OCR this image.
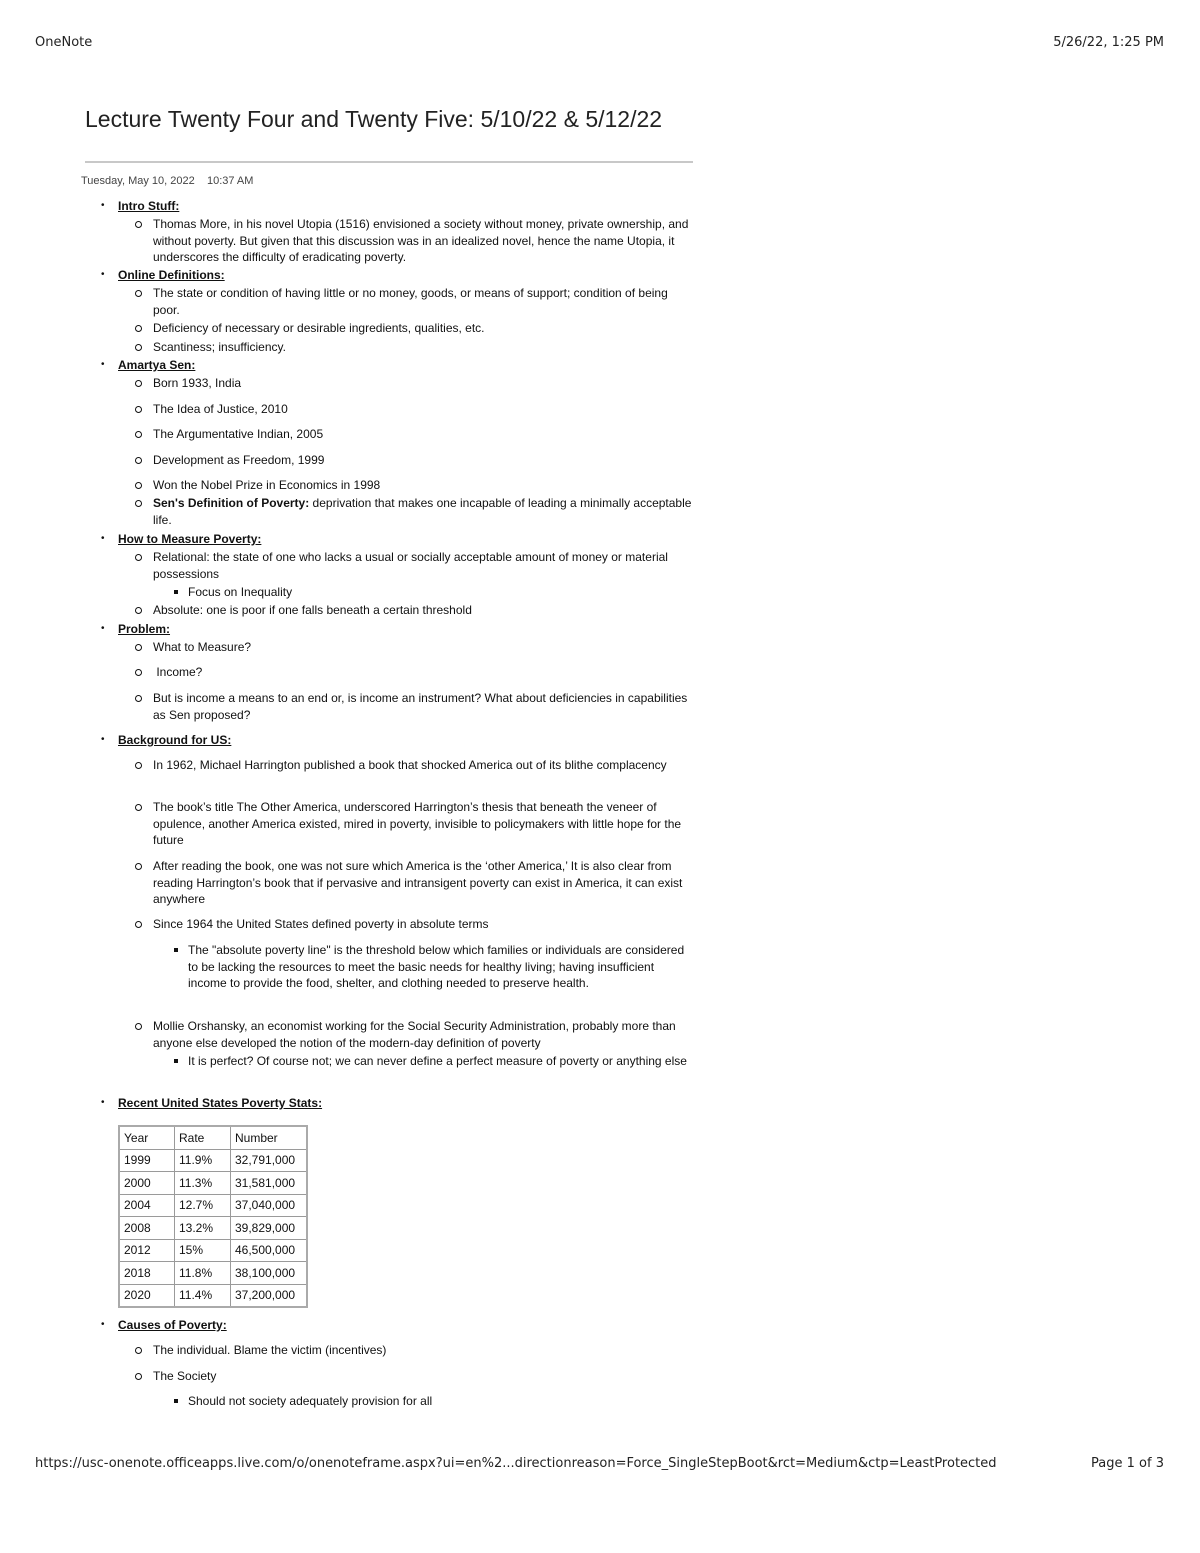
OneNote	5/26/22, 1:25 PM
Lecture Twenty Four and Twenty Five: 5/10/22 & 5/12/22
Tuesday, May 10, 2022    10:37 AM
• Intro Stuff:
Thomas More, in his novel Utopia (1516) envisioned a society without money, private ownership, and without poverty. But given that this discussion was in an idealized novel, hence the name Utopia, it underscores the difficulty of eradicating poverty.
• Online Definitions:
The state or condition of having little or no money, goods, or means of support; condition of being poor.
Deficiency of necessary or desirable ingredients, qualities, etc.
Scantiness; insufficiency.
• Amartya Sen:
Born 1933, India
The Idea of Justice, 2010
The Argumentative Indian, 2005
Development as Freedom, 1999
Won the Nobel Prize in Economics in 1998
Sen's Definition of Poverty: deprivation that makes one incapable of leading a minimally acceptable life.
• How to Measure Poverty:
Relational: the state of one who lacks a usual or socially acceptable amount of money or material possessions
Focus on Inequality
Absolute: one is poor if one falls beneath a certain threshold
• Problem:
What to Measure?
Income?
But is income a means to an end or, is income an instrument? What about deficiencies in capabilities as Sen proposed?
• Background for US:
In 1962, Michael Harrington published a book that shocked America out of its blithe complacency
The book’s title The Other America, underscored Harrington’s thesis that beneath the veneer of opulence, another America existed, mired in poverty, invisible to policymakers with little hope for the future
After reading the book, one was not sure which America is the ‘other America,’ It is also clear from reading Harrington’s book that if pervasive and intransigent poverty can exist in America, it can exist anywhere
Since 1964 the United States defined poverty in absolute terms
The "absolute poverty line" is the threshold below which families or individuals are considered to be lacking the resources to meet the basic needs for healthy living; having insufficient income to provide the food, shelter, and clothing needed to preserve health.
Mollie Orshansky, an economist working for the Social Security Administration, probably more than anyone else developed the notion of the modern-day definition of poverty
It is perfect? Of course not; we can never define a perfect measure of poverty or anything else
• Recent United States Poverty Stats:
• Causes of Poverty:
The individual. Blame the victim (incentives)
The Society
Should not society adequately provision for all
Year	Rate	Number
1999	11.9%	32,791,000
2000	11.3%	31,581,000
2004	12.7%	37,040,000
2008	13.2%	39,829,000
2012	15%	46,500,000
2018	11.8%	38,100,000
2020	11.4%	37,200,000
https://usc-onenote.officeapps.live.com/o/onenoteframe.aspx?ui=en%2...directionreason=Force_SingleStepBoot&rct=Medium&ctp=LeastProtected	Page 1 of 3
